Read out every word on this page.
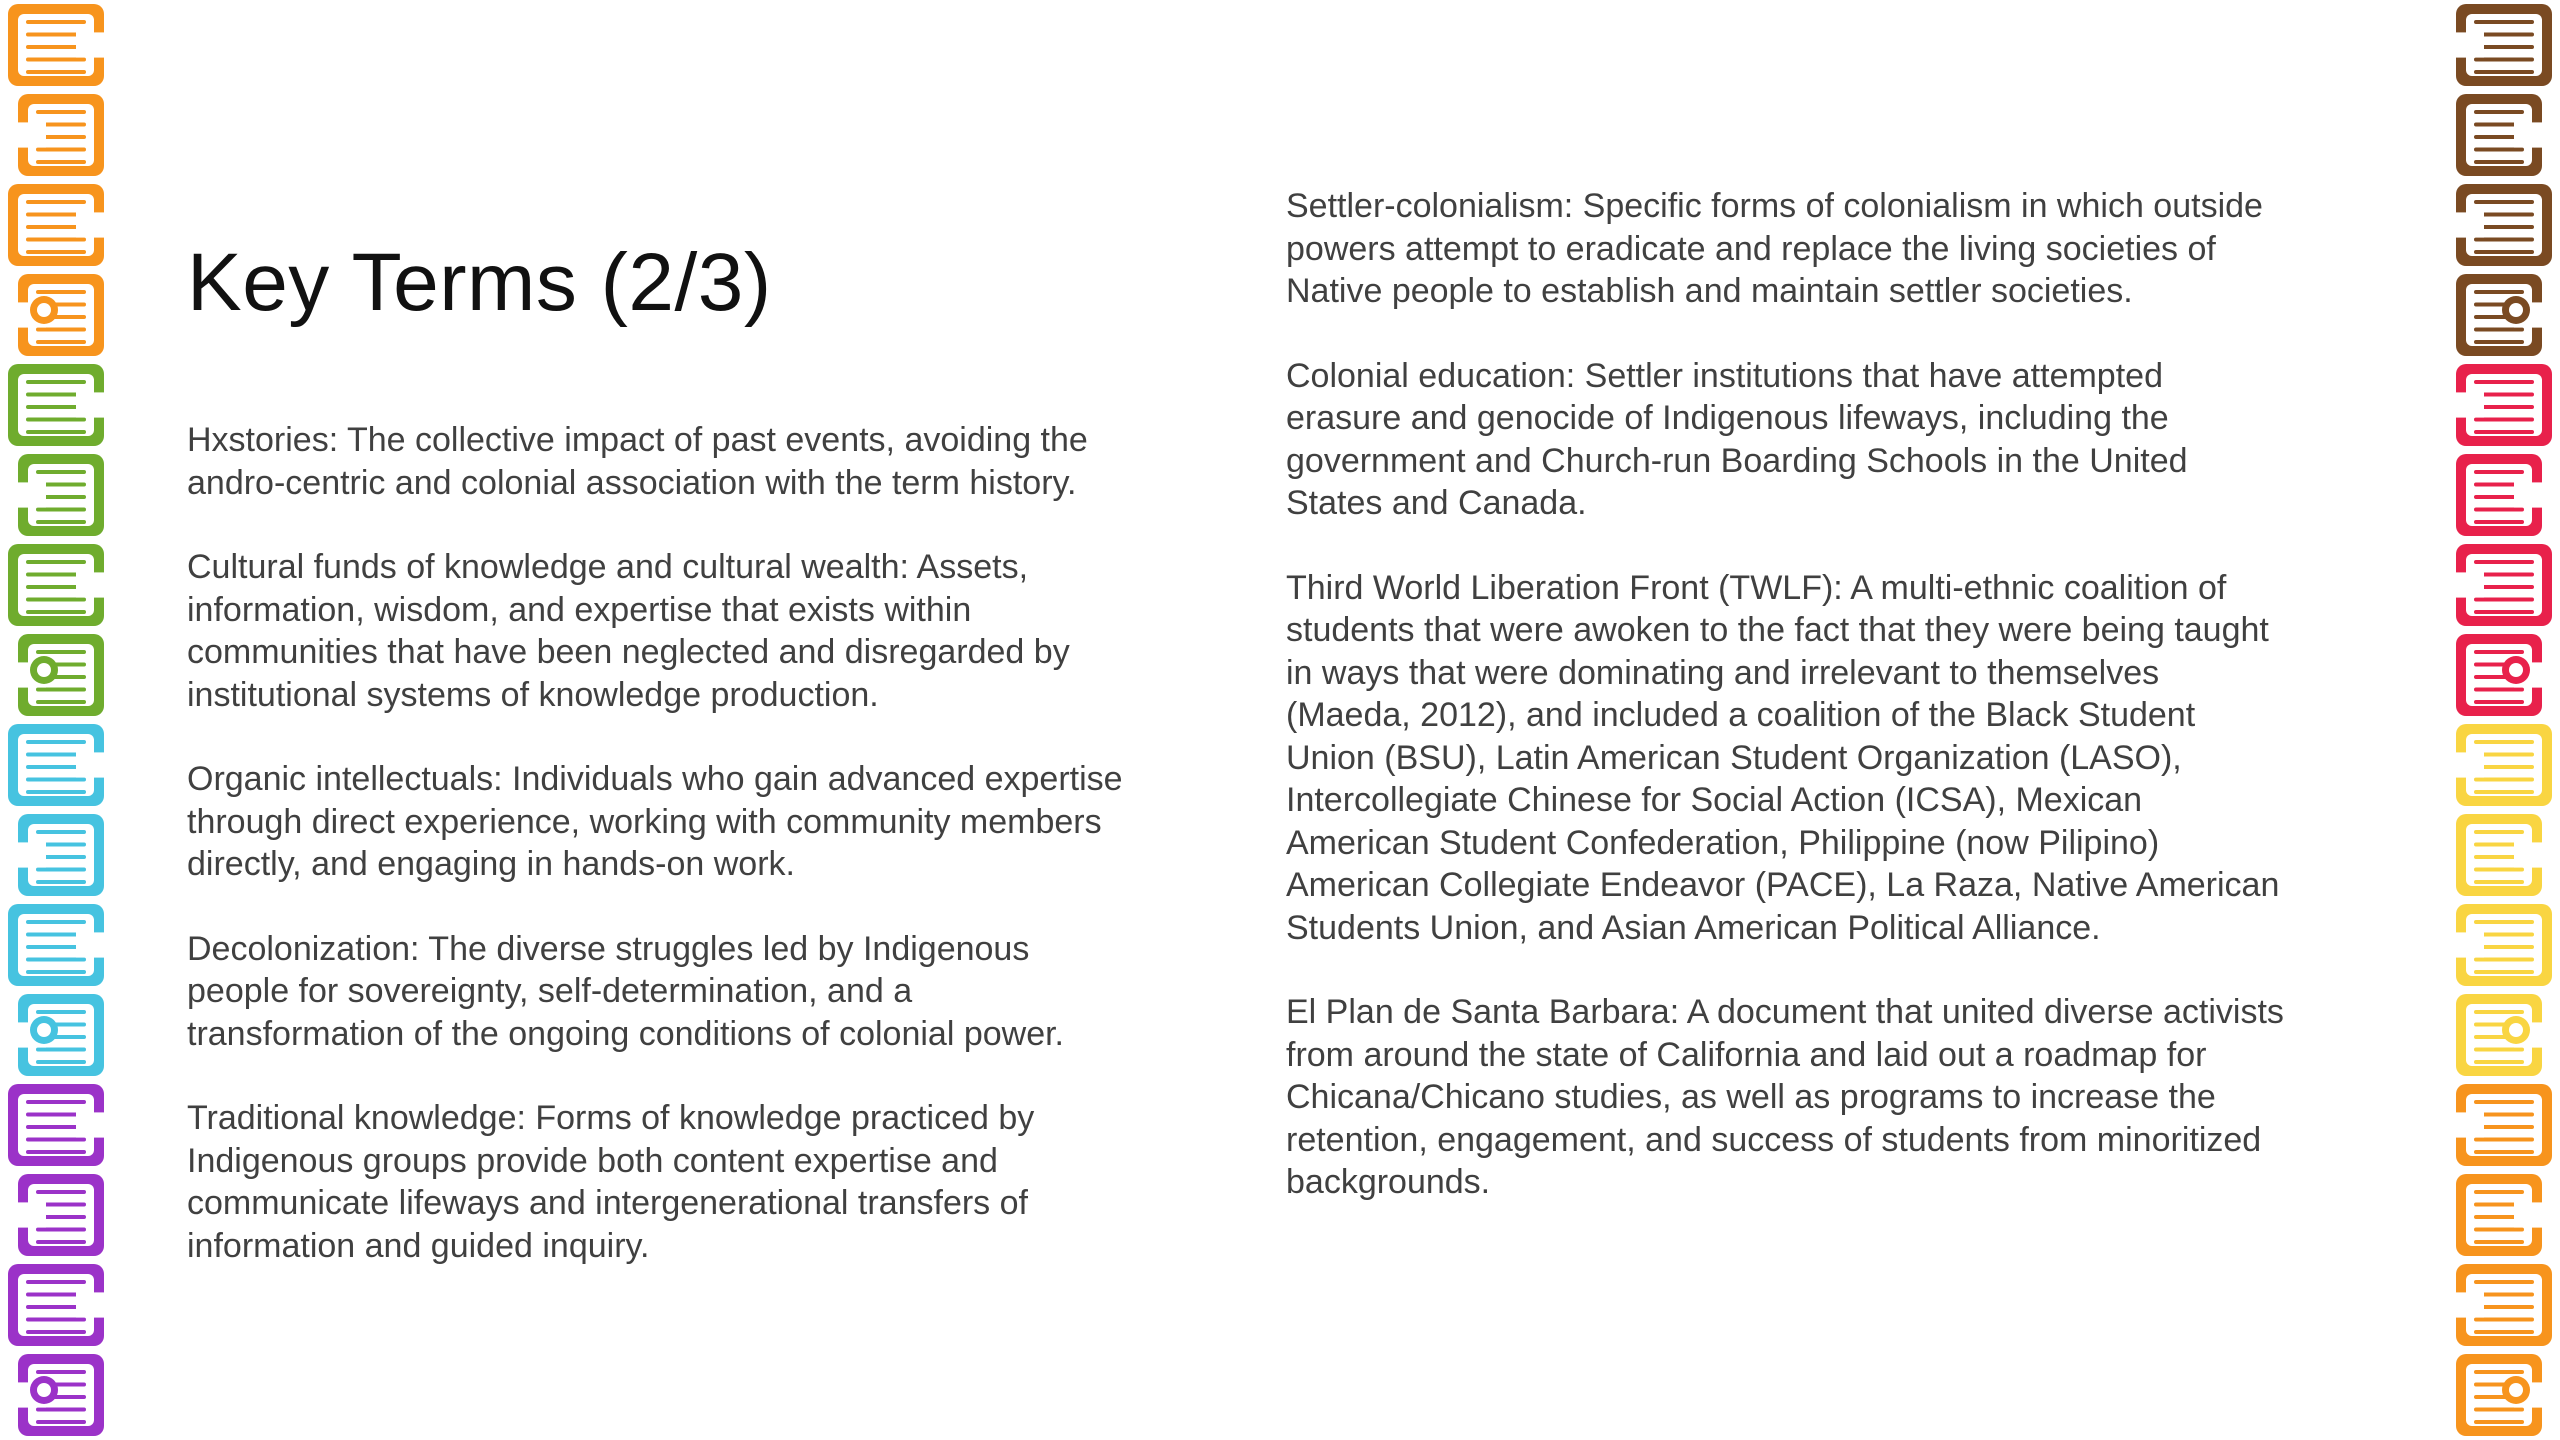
Key Terms (2/3)

Hxstories: The collective impact of past events, avoiding the andro-centric and colonial association with the term history.

Cultural funds of knowledge and cultural wealth: Assets, information, wisdom, and expertise that exists within communities that have been neglected and disregarded by institutional systems of knowledge production.

Organic intellectuals: Individuals who gain advanced expertise through direct experience, working with community members directly, and engaging in hands-on work.

Decolonization: The diverse struggles led by Indigenous people for sovereignty, self-determination, and a transformation of the ongoing conditions of colonial power.

Traditional knowledge: Forms of knowledge practiced by Indigenous groups provide both content expertise and communicate lifeways and intergenerational transfers of information and guided inquiry.

Settler-colonialism: Specific forms of colonialism in which outside powers attempt to eradicate and replace the living societies of Native people to establish and maintain settler societies.

Colonial education: Settler institutions that have attempted erasure and genocide of Indigenous lifeways, including the government and Church-run Boarding Schools in the United States and Canada.

Third World Liberation Front (TWLF): A multi-ethnic coalition of students that were awoken to the fact that they were being taught in ways that were dominating and irrelevant to themselves (Maeda, 2012), and included a coalition of the Black Student Union (BSU), Latin American Student Organization (LASO), Intercollegiate Chinese for Social Action (ICSA), Mexican American Student Confederation, Philippine (now Pilipino) American Collegiate Endeavor (PACE), La Raza, Native American Students Union, and Asian American Political Alliance.

El Plan de Santa Barbara: A document that united diverse activists from around the state of California and laid out a roadmap for Chicana/Chicano studies, as well as programs to increase the retention, engagement, and success of students from minoritized backgrounds.
